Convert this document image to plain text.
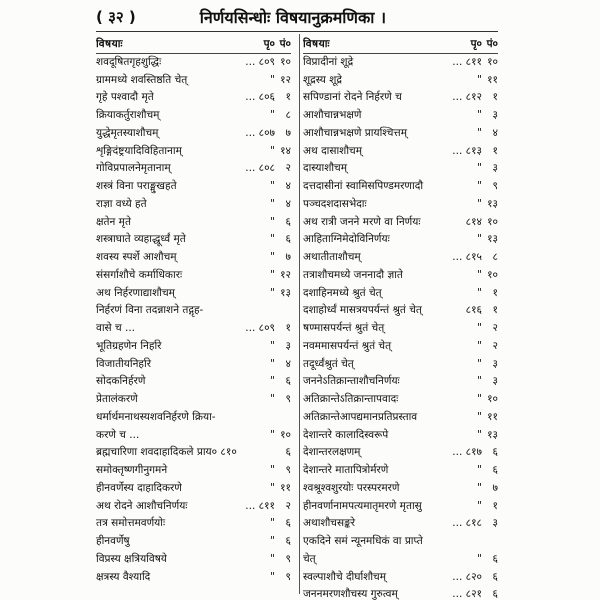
( ३२ )	निर्णयसिन्धोः विषयानुक्रमणिका ।
विषयाः	पृ० पं०
शवदूषितगृहशुद्धिः	... ८०९ १०
ग्राममध्ये शवस्तिष्ठति चेत्	" १२
गृहे पश्वादौ मृते	... ८०६	१
क्रियाकर्तुराशौचम्	"	८
युद्धेमृतस्याशौचम्	... ८०७	७
शृङ्गिदंष्ट्रयादिविहितानाम्	" १४
गोविप्रपालनेमृतानाम्	... ८०८	२
शस्त्रं विना पराङ्मुखहते	"	४
राज्ञा वध्ये हते	"	४
क्षतेन मृते	"	६
शस्त्राघाते व्यहाद्धूर्ध्वं मृते	"	६
शवस्य स्पर्शे आशौचम्	"	७
संसर्गाशौचे कर्माधिकारः	" १२
अथ निर्हरणाद्याशौचम्	" १३
निर्हरणं विना तदन्नाशने तद्गृह-
वासे च ...	... ८०९	१
भूतिग्रहणेन निर्हारे	"	३
विजातीयनिर्हारे	"	४
सोदकनिर्हरणे	"	६
प्रेतालंकरणे	"	९
धर्मार्थमनाथस्यशवनिर्हरणे क्रिया-
करणे च ...	" १०
ब्रह्मचारिणा शवदाहादिकले प्राय० ८१०	६
समोक्तृष्णगीनुगमने	"	९
हीनवर्णेस्य दाहादिकरणे	" ११
अथ रोदने आशौचनिर्णयः	... ८११	२
तत्र समोत्तमवर्णयोः	"	६
हीनवर्णेषु	"	६
विप्रस्य क्षत्रियविषये	"	९
क्षत्रस्य वैश्यादि	"	९
विषयाः	पृ० पं०
विप्रादीनां शूद्रे	... ८११ १०
शूद्रस्य शूद्रे	" ११
सपिण्डानां रोदने निर्हरणे च	... ८१२	१
आशौचान्नभक्षणे	"	३
आशौचान्नभक्षणे प्रायश्चित्तम्	"	४
अथ दासाशौचम्	... ८१३	१
दास्याशौचम्	"	३
दत्तदासीनां स्वामिसपिण्डमरणादौ	"	९
पञ्चदशदासभेदाः	" १३
अथ रात्री जनने मरणे वा निर्णयः	८१४ १०
आहिताग्निमेदोविनिर्णयः	" १३
अथातीताशौचम्	... ८१५	८
तत्राशौचमध्ये जननादौ ज्ञाते	" १०
दशाहिनमध्ये श्रुतं चेत्	"	१
दशाहोर्ध्वं मासत्रयपर्यन्तं श्रुतं चेत्	८१६	१
षण्मासपर्यन्तं श्रुतं चेत्	"	२
नवममासपर्यन्तं श्रुतं चेत्	"	२
तदूर्ध्वंश्रुतं चेत्	"	३
जननेऽतिक्रान्ताशौचनिर्णयः	"	३
अतिक्रान्तेऽतिक्रान्तापवादः	" १०
अतिक्रान्तेआपद्यमानप्रतिप्रस्ताव	" ११
देशान्तरे कालादिस्वरूपे	" १३
देशान्तरलक्षणम्	... ८१७	६
देशान्तरे मातापित्रोर्मरणे	"	६
श्वश्रूश्वशुरयोः परस्परमरणे	"	७
हीनवर्णानामपत्यमातृमरणे मृतासु	"	१
अथाशौचसङ्करे	... ८१८	३
एकदिने समं न्यूनमधिकं वा प्राप्ते
चेत्	"	६
स्वल्पाशौचे दीर्घाशौचम्	... ८२०	६
जननमरणशौचस्य गुरुत्वम्	... ८२१	६
